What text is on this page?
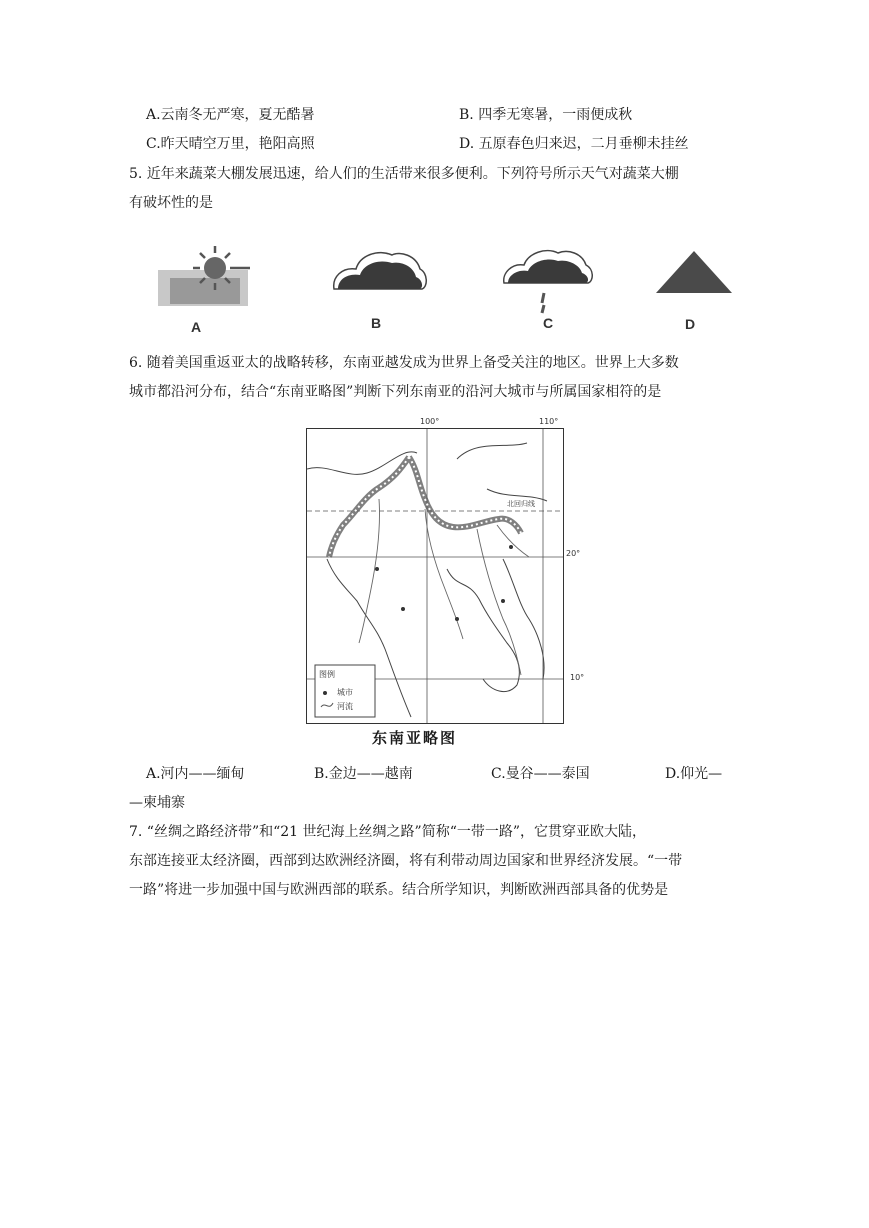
A.云南冬无严寒，夏无酷暑	B. 四季无寒暑，一雨便成秋
C.昨天晴空万里，艳阳高照	D. 五原春色归来迟，二月垂柳未挂丝
5. 近年来蔬菜大棚发展迅速，给人们的生活带来很多便利。下列符号所示天气对蔬菜大棚
有破坏性的是
A	B	C	D
6. 随着美国重返亚太的战略转移，东南亚越发成为世界上备受关注的地区。世界上大多数
城市都沿河分布，结合“东南亚略图”判断下列东南亚的沿河大城市与所属国家相符的是
100°	110°
北回归线
图例
城市
河流
20°
10°
东南亚略图
A.河内——缅甸	B.金边——越南	C.曼谷——泰国	D.仰光—
—柬埔寨
7. “丝绸之路经济带”和“21 世纪海上丝绸之路”简称“一带一路”，它贯穿亚欧大陆，
东部连接亚太经济圈，西部到达欧洲经济圈，将有利带动周边国家和世界经济发展。“一带
一路”将进一步加强中国与欧洲西部的联系。结合所学知识，判断欧洲西部具备的优势是
